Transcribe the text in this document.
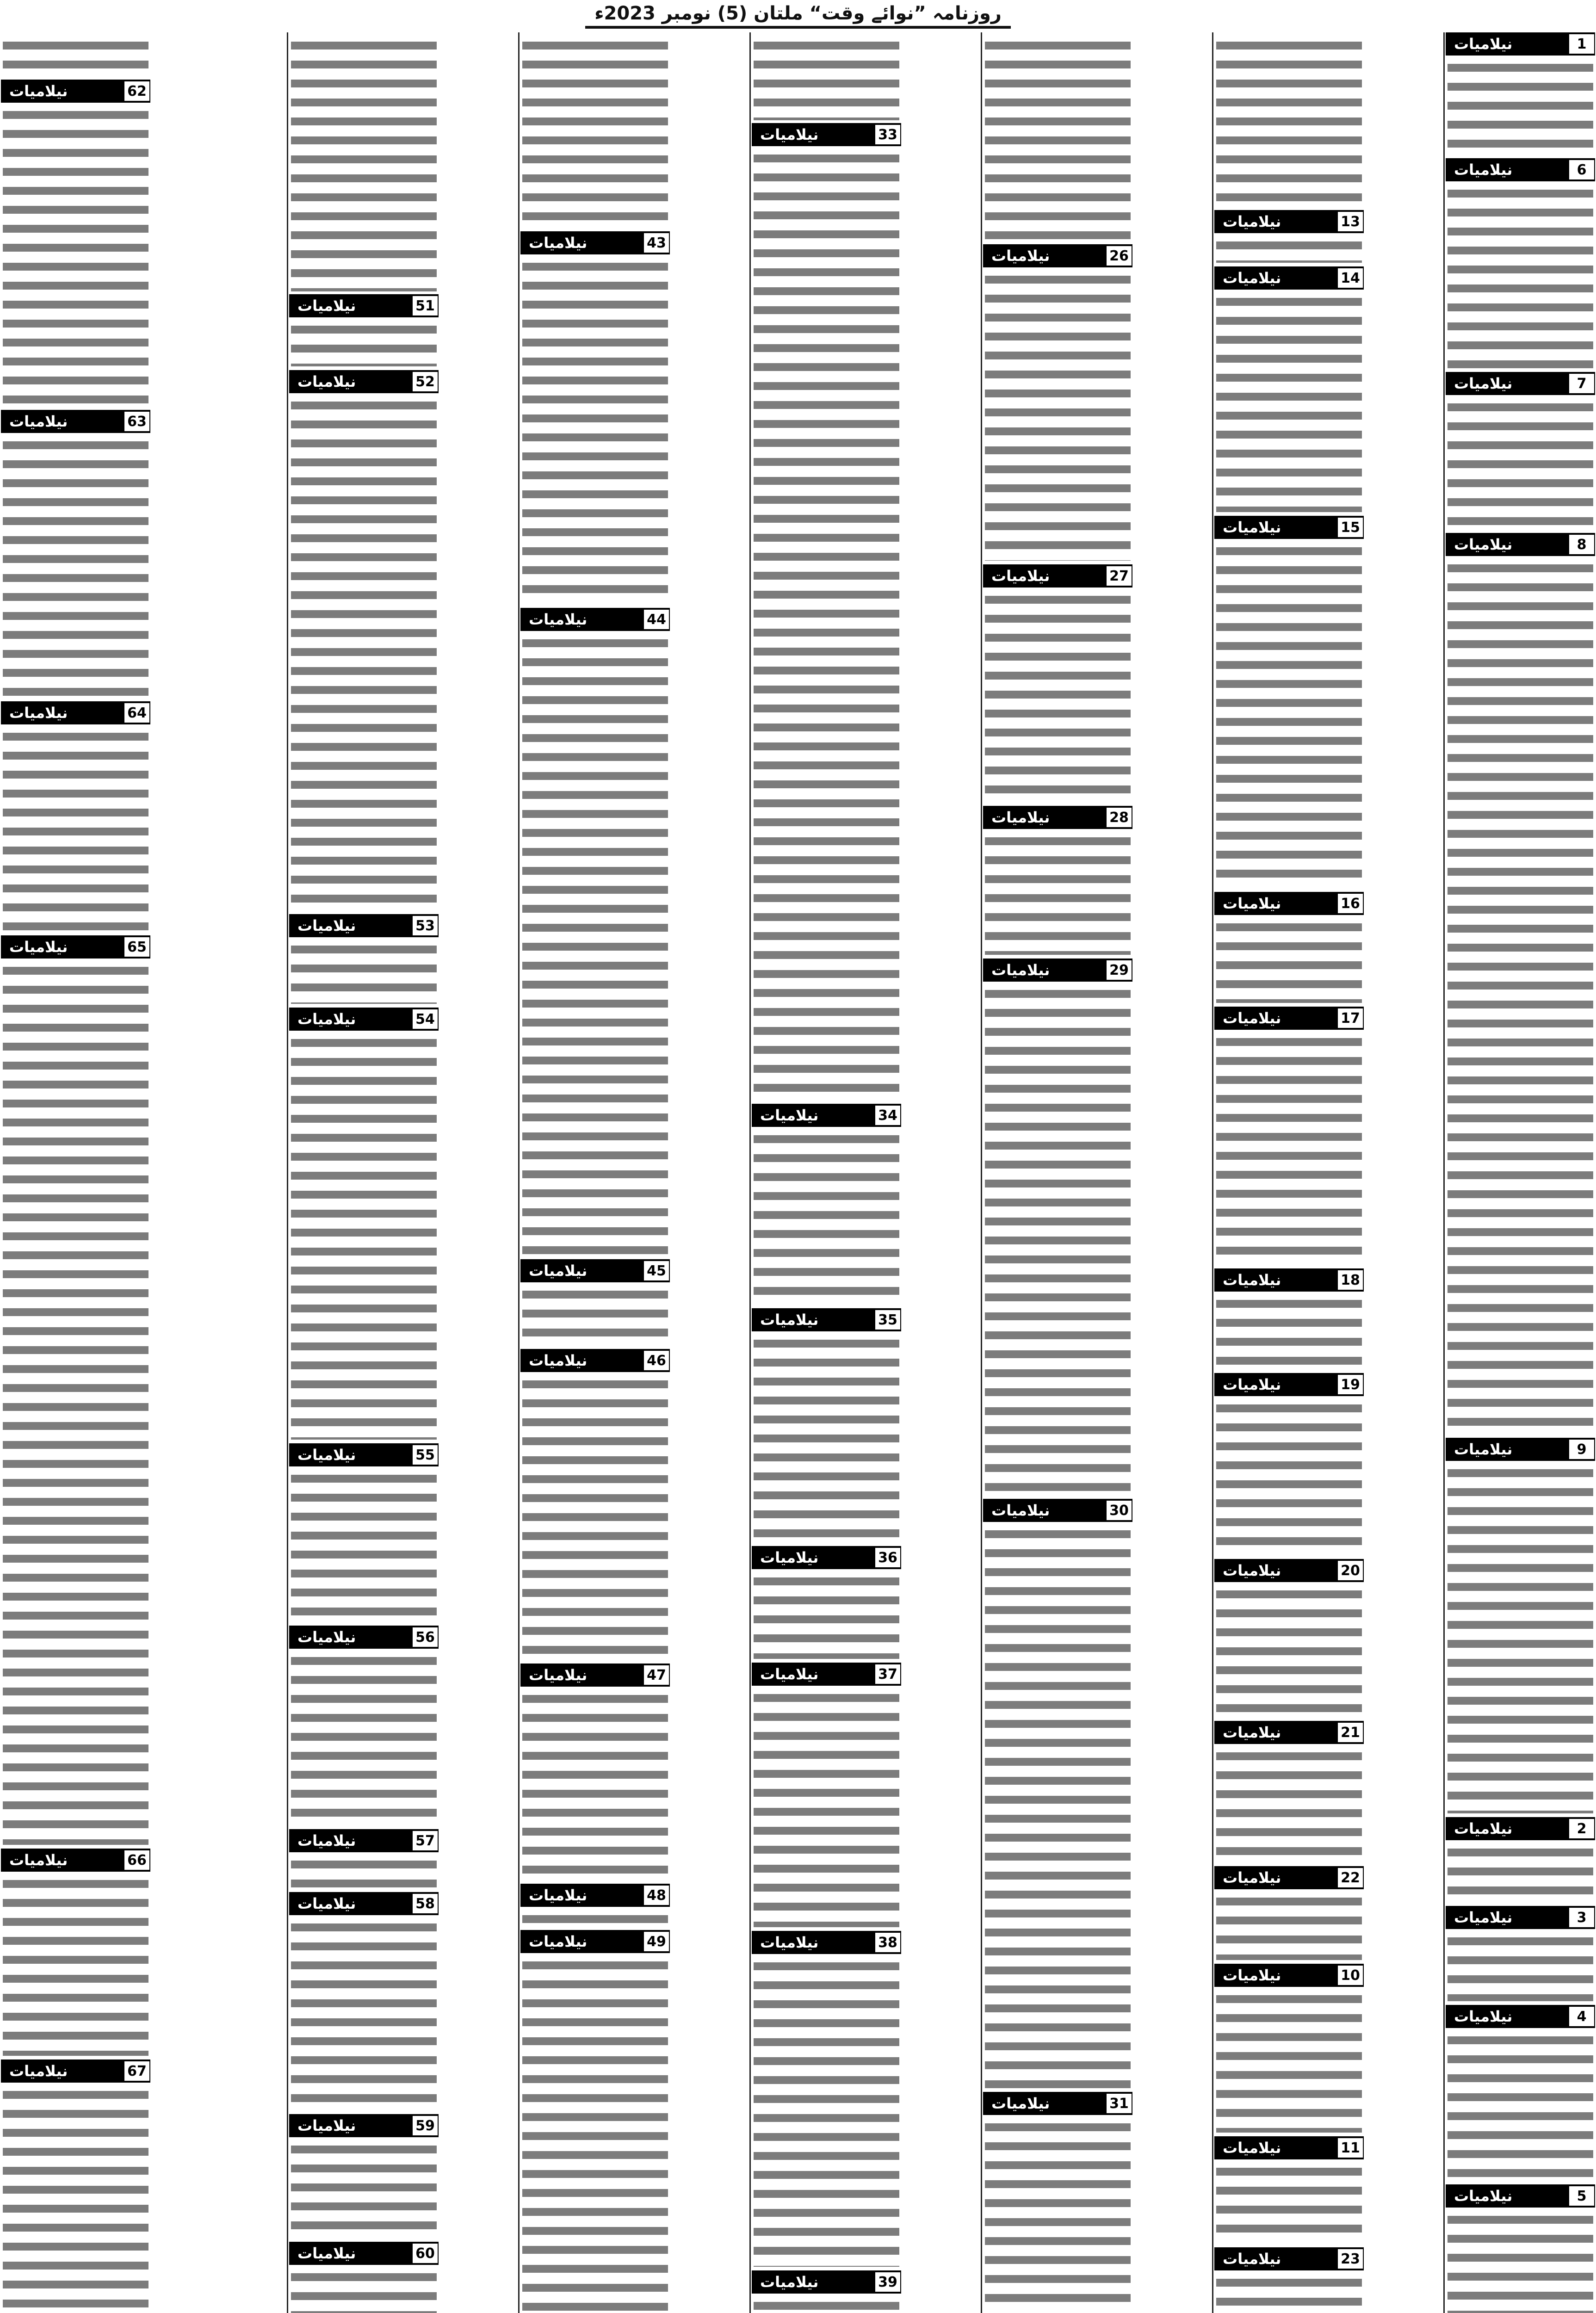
روزنامہ ”نوائے وقت“ ملتان (5) نومبر 2023ء
1
نیلامیات
6
نیلامیات
7
نیلامیات
8
نیلامیات
9
نیلامیات
2
نیلامیات
3
نیلامیات
4
نیلامیات
5
نیلامیات
13
نیلامیات
14
نیلامیات
15
نیلامیات
16
نیلامیات
17
نیلامیات
18
نیلامیات
19
نیلامیات
20
نیلامیات
21
نیلامیات
22
نیلامیات
10
نیلامیات
11
نیلامیات
23
نیلامیات
26
نیلامیات
27
نیلامیات
28
نیلامیات
29
نیلامیات
30
نیلامیات
31
نیلامیات
33
نیلامیات
34
نیلامیات
35
نیلامیات
36
نیلامیات
37
نیلامیات
38
نیلامیات
39
نیلامیات
43
نیلامیات
44
نیلامیات
45
نیلامیات
46
نیلامیات
47
نیلامیات
48
نیلامیات
49
نیلامیات
51
نیلامیات
52
نیلامیات
53
نیلامیات
54
نیلامیات
55
نیلامیات
56
نیلامیات
57
نیلامیات
58
نیلامیات
59
نیلامیات
60
نیلامیات
62
نیلامیات
63
نیلامیات
64
نیلامیات
65
نیلامیات
66
نیلامیات
67
نیلامیات
